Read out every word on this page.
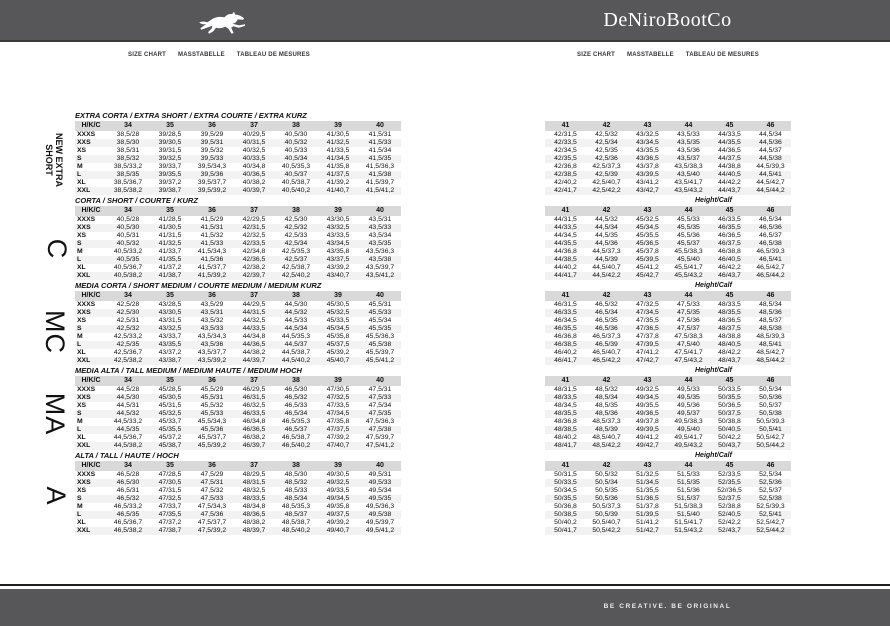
DeNiroBootCo
SIZE CHART MASSTABELLE TABLEAU DE MESURES	SIZE CHART MASSTABELLE TABLEAU DE MESURES
NEW EXTRA SHORT
C
MC
MA
A
EXTRA CORTA / EXTRA SHORT / EXTRA COURTE / EXTRA KURZ
H/K/C	34	35	36	37	38	39	40
XXXS	38,5/28	39/28,5	39,5/29	40/29,5	40,5/30	41/30,5	41,5/31
XXS	38,5/30	39/30,5	39,5/31	40/31,5	40,5/32	41/32,5	41,5/33
XS	38,5/31	39/31,5	39,5/32	40/32,5	40,5/33	41/33,5	41,5/34
S	38,5/32	39/32,5	39,5/33	40/33,5	40,5/34	41/34,5	41,5/35
M	38,5/33,2	39/33,7	39,5/34,3	40/34,8	40,5/35,3	41/35,8	41,5/36,3
L	38,5/35	39/35,5	39,5/36	40/36,5	40,5/37	41/37,5	41,5/38
XL	38,5/36,7	39/37,2	39,5/37,7	40/38,2	40,5/38,7	41/39,2	41,5/39,7
XXL	38,5/38,2	39/38,7	39,5/39,2	40/39,7	40,5/40,2	41/40,7	41,5/41,2

41	42	43	44	45	46
42/31,5	42,5/32	43/32,5	43,5/33	44/33,5	44,5/34
42/33,5	42,5/34	43/34,5	43,5/35	44/35,5	44,5/36
42/34,5	42,5/35	43/35,5	43,5/36	44/36,5	44,5/37
42/35,5	42,5/36	43/36,5	43,5/37	44/37,5	44,5/38
42/36,8	42,5/37,3	43/37,8	43,5/38,3	44/38,8	44,5/39,3
42/38,5	42,5/39	43/39,5	43,5/40	44/40,5	44,5/41
42/40,2	42,5/40,7	43/41,2	43,5/41,7	44/42,2	44,5/42,7
42/41,7	42,5/42,2	43/42,7	43,5/43,2	44/43,7	44,5/44,2
CORTA / SHORT / COURTE / KURZ
H/K/C	34	35	36	37	38	39	40
XXXS	40,5/28	41/28,5	41,5/29	42/29,5	42,5/30	43/30,5	43,5/31
XXS	40,5/30	41/30,5	41,5/31	42/31,5	42,5/32	43/32,5	43,5/33
XS	40,5/31	41/31,5	41,5/32	42/32,5	42,5/33	43/33,5	43,5/34
S	40,5/32	41/32,5	41,5/33	42/33,5	42,5/34	43/34,5	43,5/35
M	40,5/33,2	41/33,7	41,5/34,3	42/34,8	42,5/35,3	43/35,8	43,5/36,3
L	40,5/35	41/35,5	41,5/36	42/36,5	42,5/37	43/37,5	43,5/38
XL	40,5/36,7	41/37,2	41,5/37,7	42/38,2	42,5/38,7	43/39,2	43,5/39,7
XXL	40,5/38,2	41/38,7	41,5/39,2	42/39,7	42,5/40,2	43/40,7	43,5/41,2
Height/Calf
41	42	43	44	45	46
44/31,5	44,5/32	45/32,5	45,5/33	46/33,5	46,5/34
44/33,5	44,5/34	45/34,5	45,5/35	46/35,5	46,5/36
44/34,5	44,5/35	45/35,5	45,5/36	46/36,5	46,5/37
44/35,5	44,5/36	45/36,5	45,5/37	46/37,5	46,5/38
44/36,8	44,5/37,3	45/37,8	45,5/38,3	46/38,8	46,5/39,3
44/38,5	44,5/39	45/39,5	45,5/40	46/40,5	46,5/41
44/40,2	44,5/40,7	45/41,2	45,5/41,7	46/42,2	46,5/42,7
44/41,7	44,5/42,2	45/42,7	45,5/43,2	46/43,7	46,5/44,2
MEDIA CORTA / SHORT MEDIUM / COURTE MEDIUM / MEDIUM KURZ
H/K/C	34	35	36	37	38	39	40
XXXS	42,5/28	43/28,5	43,5/29	44/29,5	44,5/30	45/30,5	45,5/31
XXS	42,5/30	43/30,5	43,5/31	44/31,5	44,5/32	45/32,5	45,5/33
XS	42,5/31	43/31,5	43,5/32	44/32,5	44,5/33	45/33,5	45,5/34
S	42,5/32	43/32,5	43,5/33	44/33,5	44,5/34	45/34,5	45,5/35
M	42,5/33,2	43/33,7	43,5/34,3	44/34,8	44,5/35,3	45/35,8	45,5/36,3
L	42,5/35	43/35,5	43,5/36	44/36,5	44,5/37	45/37,5	45,5/38
XL	42,5/36,7	43/37,2	43,5/37,7	44/38,2	44,5/38,7	45/39,2	45,5/39,7
XXL	42,5/38,2	43/38,7	43,5/39,2	44/39,7	44,5/40,2	45/40,7	45,5/41,2
Height/Calf
41	42	43	44	45	46
46/31,5	46,5/32	47/32,5	47,5/33	48/33,5	48,5/34
46/33,5	46,5/34	47/34,5	47,5/35	48/35,5	48,5/36
46/34,5	46,5/35	47/35,5	47,5/36	48/36,5	48,5/37
46/35,5	46,5/36	47/36,5	47,5/37	48/37,5	48,5/38
46/36,8	46,5/37,3	47/37,8	47,5/38,3	48/38,8	48,5/39,3
46/38,5	46,5/39	47/39,5	47,5/40	48/40,5	48,5/41
46/40,2	46,5/40,7	47/41,2	47,5/41,7	48/42,2	48,5/42,7
46/41,7	46,5/42,2	47/42,7	47,5/43,2	48/43,7	48,5/44,2
MEDIA ALTA / TALL MEDIUM / MEDIUM HAUTE / MEDIUM HOCH
H/K/C	34	35	36	37	38	39	40
XXXS	44,5/28	45/28,5	45,5/29	46/29,5	46,5/30	47/30,5	47,5/31
XXS	44,5/30	45/30,5	45,5/31	46/31,5	46,5/32	47/32,5	47,5/33
XS	44,5/31	45/31,5	45,5/32	46/32,5	46,5/33	47/33,5	47,5/34
S	44,5/32	45/32,5	45,5/33	46/33,5	46,5/34	47/34,5	47,5/35
M	44,5/33,2	45/33,7	45,5/34,3	46/34,8	46,5/35,3	47/35,8	47,5/36,3
L	44,5/35	45/35,5	45,5/36	46/36,5	46,5/37	47/37,5	47,5/38
XL	44,5/36,7	45/37,2	45,5/37,7	46/38,2	46,5/38,7	47/39,2	47,5/39,7
XXL	44,5/38,2	45/38,7	45,5/39,2	46/39,7	46,5/40,2	47/40,7	47,5/41,2
Height/Calf
41	42	43	44	45	46
48/31,5	48,5/32	49/32,5	49,5/33	50/33,5	50,5/34
48/33,5	48,5/34	49/34,5	49,5/35	50/35,5	50,5/36
48/34,5	48,5/35	49/35,5	49,5/36	50/36,5	50,5/37
48/35,5	48,5/36	49/36,5	49,5/37	50/37,5	50,5/38
48/36,8	48,5/37,3	49/37,8	49,5/38,3	50/38,8	50,5/39,3
48/38,5	48,5/39	49/39,5	49,5/40	50/40,5	50,5/41
48/40,2	48,5/40,7	49/41,2	49,5/41,7	50/42,2	50,5/42,7
48/41,7	48,5/42,2	49/42,7	49,5/43,2	50/43,7	50,5/44,2
ALTA / TALL / HAUTE / HOCH
H/K/C	34	35	36	37	38	39	40
XXXS	46,5/28	47/28,5	47,5/29	48/29,5	48,5/30	49/30,5	49,5/31
XXS	46,5/30	47/30,5	47,5/31	48/31,5	48,5/32	49/32,5	49,5/33
XS	46,5/31	47/31,5	47,5/32	48/32,5	48,5/33	49/33,5	49,5/34
S	46,5/32	47/32,5	47,5/33	48/33,5	48,5/34	49/34,5	49,5/35
M	46,5/33,2	47/33,7	47,5/34,3	48/34,8	48,5/35,3	49/35,8	49,5/36,3
L	46,5/35	47/35,5	47,5/36	48/36,5	48,5/37	49/37,5	49,5/38
XL	46,5/36,7	47/37,2	47,5/37,7	48/38,2	48,5/38,7	49/39,2	49,5/39,7
XXL	46,5/38,2	47/38,7	47,5/39,2	48/39,7	48,5/40,2	49/40,7	49,5/41,2
Height/Calf
41	42	43	44	45	46
50/31,5	50,5/32	51/32,5	51,5/33	52/33,5	52,5/34
50/33,5	50,5/34	51/34,5	51,5/35	52/35,5	52,5/36
50/34,5	50,5/35	51/35,5	51,5/36	52//36,5	52,5/37
50/35,5	50,5/36	51/36,5	51,5/37	52/37,5	52,5/38
50/36,8	50,5/37,3	51/37,8	51,5/38,3	52/38,8	52,5/39,3
50/38,5	50,5/39	51/39,5	51,5/40	52/40,5	52,5/41
50/40,2	50,5/40,7	51/41,2	51,5/41,7	52/42,2	52,5/42,7
50/41,7	50,5/42,2	51/42,7	51,5/43,2	52/43,7	52,5/44,2
BE CREATIVE. BE ORIGINAL
